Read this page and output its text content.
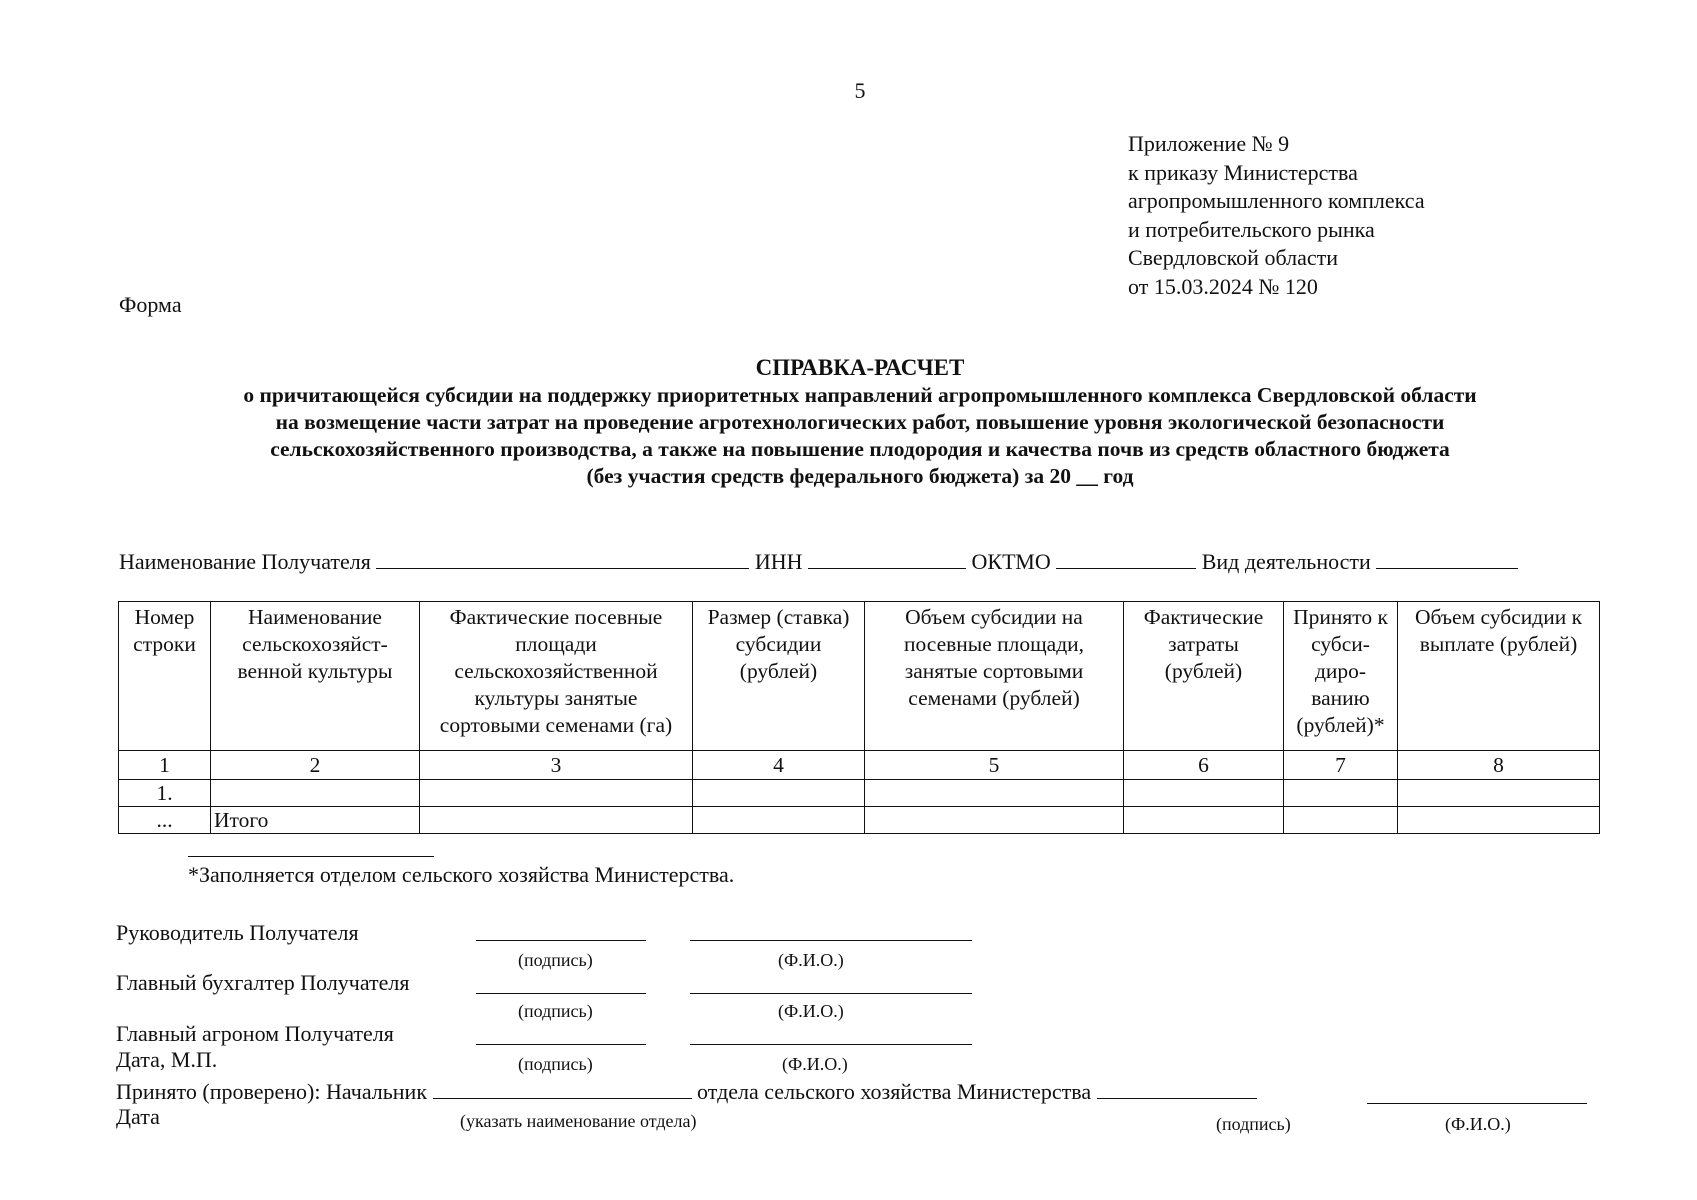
5
Приложение № 9
к приказу Министерства
агропромышленного комплекса
и потребительского рынка
Свердловской области
от 15.03.2024 № 120
Форма
СПРАВКА-РАСЧЕТ
о причитающейся субсидии на поддержку приоритетных направлений агропромышленного комплекса Свердловской области
на возмещение части затрат на проведение агротехнологических работ, повышение уровня экологической безопасности
сельскохозяйственного производства, а также на повышение плодородия и качества почв из средств областного бюджета
(без участия средств федерального бюджета) за 20 __ год
Наименование Получателя	ИНН	ОКТМО	Вид деятельности
Номер строки	Наименование сельскохозяйст-венной культуры	Фактические посевные площади сельскохозяйственной культуры занятые сортовыми семенами (га)	Размер (ставка) субсидии (рублей)	Объем субсидии на посевные площади, занятые сортовыми семенами (рублей)	Фактические затраты (рублей)	Принято к субси-диро-ванию (рублей)*	Объем субсидии к выплате (рублей)
1	2	3	4	5	6	7	8
1.							
...	Итого						
*Заполняется отделом сельского хозяйства Министерства.
Руководитель Получателя
(подпись)	(Ф.И.О.)
Главный бухгалтер Получателя
(подпись)	(Ф.И.О.)
Главный агроном Получателя
Дата, М.П.	(подпись)	(Ф.И.О.)
Принято (проверено): Начальник	отдела сельского хозяйства Министерства
Дата	(указать наименование отдела)	(подпись)	(Ф.И.О.)
